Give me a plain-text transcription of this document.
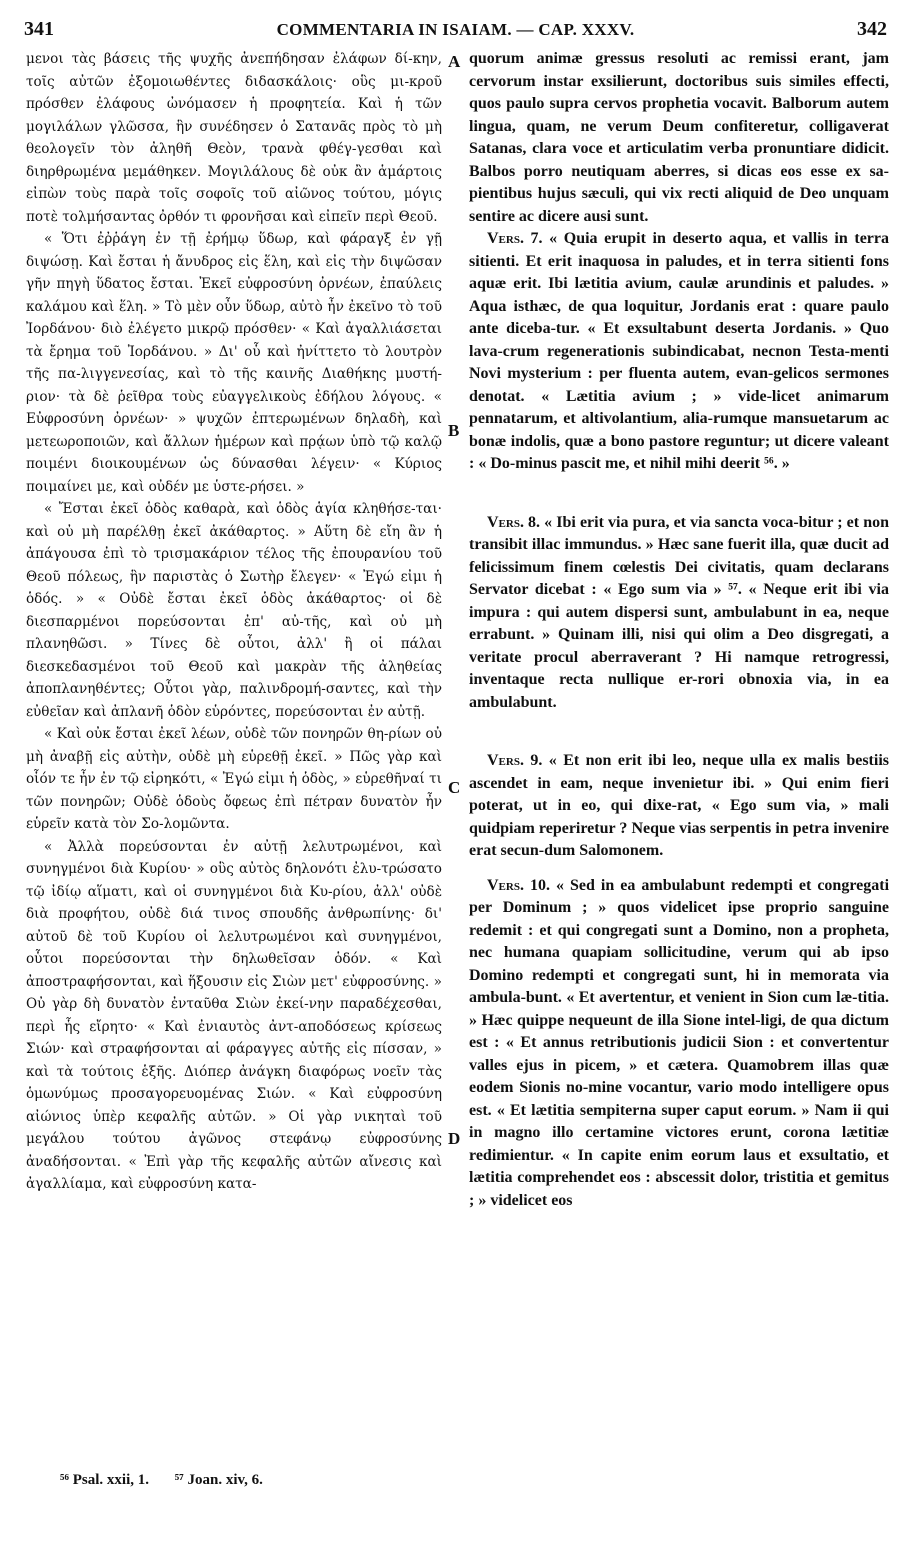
341	COMMENTARIA IN ISAIAM. — CAP. XXXV.	342
A
B
C
D

μενοι τὰς βάσεις τῆς ψυχῆς ἀνεπήδησαν ἐλάφων δί-κην, τοῖς αὐτῶν ἐξομοιωθέντες διδασκάλοις· οὓς μι-κροῦ πρόσθεν ἐλάφους ὠνόμασεν ἡ προφητεία. Καὶ ἡ τῶν μογιλάλων γλῶσσα, ἣν συνέδησεν ὁ Σατανᾶς πρὸς τὸ μὴ θεολογεῖν τὸν ἀληθῆ Θεὸν, τρανὰ φθέγ-γεσθαι καὶ διηρθρωμένα μεμάθηκεν. Μογιλάλους δὲ οὐκ ἂν ἁμάρτοις εἰπὼν τοὺς παρὰ τοῖς σοφοῖς τοῦ αἰῶνος τούτου, μόγις ποτὲ τολμήσαντας ὀρθόν τι φρονῆσαι καὶ εἰπεῖν περὶ Θεοῦ.

« Ὅτι ἐῤῥάγη ἐν τῇ ἐρήμῳ ὕδωρ, καὶ φάραγξ ἐν γῇ διψώσῃ. Καὶ ἔσται ἡ ἄνυδρος εἰς ἕλη, καὶ εἰς τὴν διψῶσαν γῆν πηγὴ ὕδατος ἔσται. Ἐκεῖ εὐφροσύνη ὀρνέων, ἐπαύλεις καλάμου καὶ ἕλη. » Τὸ μὲν οὖν ὕδωρ, αὐτὸ ἦν ἐκεῖνο τὸ τοῦ Ἰορδάνου· διὸ ἐλέγετο μικρῷ πρόσθεν· « Καὶ ἀγαλλιάσεται τὰ ἔρημα τοῦ Ἰορδάνου. » Δι' οὗ καὶ ἠνίττετο τὸ λουτρὸν τῆς πα-λιγγενεσίας, καὶ τὸ τῆς καινῆς Διαθήκης μυστή-ριον· τὰ δὲ ῥεῖθρα τοὺς εὐαγγελικοὺς ἐδήλου λόγους. « Εὐφροσύνη ὀρνέων· » ψυχῶν ἐπτερωμένων δηλαδὴ, καὶ μετεωροποιῶν, καὶ ἄλλων ἡμέρων καὶ πρᾴων ὑπὸ τῷ καλῷ ποιμένι διοικουμένων ὡς δύνασθαι λέγειν· « Κύριος ποιμαίνει με, καὶ οὐδέν με ὑστε-ρήσει. »

« Ἔσται ἐκεῖ ὁδὸς καθαρὰ, καὶ ὁδὸς ἁγία κληθήσε-ται· καὶ οὐ μὴ παρέλθῃ ἐκεῖ ἀκάθαρτος. » Αὕτη δὲ εἴη ἂν ἡ ἀπάγουσα ἐπὶ τὸ τρισμακάριον τέλος τῆς ἐπουρανίου τοῦ Θεοῦ πόλεως, ἣν παριστὰς ὁ Σωτὴρ ἔλεγεν· « Ἐγώ εἰμι ἡ ὁδός. » « Οὐδὲ ἔσται ἐκεῖ ὁδὸς ἀκάθαρτος· οἱ δὲ διεσπαρμένοι πορεύσονται ἐπ' αὐ-τῆς, καὶ οὐ μὴ πλανηθῶσι. » Τίνες δὲ οὗτοι, ἀλλ' ἢ οἱ πάλαι διεσκεδασμένοι τοῦ Θεοῦ καὶ μακρὰν τῆς ἀληθείας ἀποπλανηθέντες; Οὗτοι γὰρ, παλινδρομή-σαντες, καὶ τὴν εὐθεῖαν καὶ ἀπλανῆ ὁδὸν εὑρόντες, πορεύσονται ἐν αὐτῇ.

« Καὶ οὐκ ἔσται ἐκεῖ λέων, οὐδὲ τῶν πονηρῶν θη-ρίων οὐ μὴ ἀναβῇ εἰς αὐτὴν, οὐδὲ μὴ εὑρεθῇ ἐκεῖ. » Πῶς γὰρ καὶ οἷόν τε ἦν ἐν τῷ εἰρηκότι, « Ἐγώ εἰμι ἡ ὁδὸς, » εὑρεθῆναί τι τῶν πονηρῶν; Οὐδὲ ὁδοὺς ὄφεως ἐπὶ πέτραν δυνατὸν ἦν εὑρεῖν κατὰ τὸν Σο-λομῶντα.

« Ἀλλὰ πορεύσονται ἐν αὐτῇ λελυτρωμένοι, καὶ συνηγμένοι διὰ Κυρίου· » οὓς αὐτὸς δηλονότι ἐλυ-τρώσατο τῷ ἰδίῳ αἵματι, καὶ οἱ συνηγμένοι διὰ Κυ-ρίου, ἀλλ' οὐδὲ διὰ προφήτου, οὐδὲ διά τινος σπουδῆς ἀνθρωπίνης· δι' αὐτοῦ δὲ τοῦ Κυρίου οἱ λελυτρωμένοι καὶ συνηγμένοι, οὗτοι πορεύσονται τὴν δηλωθεῖσαν ὁδόν. « Καὶ ἀποστραφήσονται, καὶ ἥξουσιν εἰς Σιὼν μετ' εὐφροσύνης. » Οὐ γὰρ δὴ δυνατὸν ἐνταῦθα Σιὼν ἐκεί-νην παραδέχεσθαι, περὶ ἧς εἴρητο· « Καὶ ἐνιαυτὸς ἀντ-αποδόσεως κρίσεως Σιών· καὶ στραφήσονται αἱ φάραγγες αὐτῆς εἰς πίσσαν, » καὶ τὰ τούτοις ἑξῆς. Διόπερ ἀνάγκη διαφόρως νοεῖν τὰς ὁμωνύμως προσαγορευομένας Σιών. « Καὶ εὐφροσύνη αἰώνιος ὑπὲρ κεφαλῆς αὐτῶν. » Οἱ γὰρ νικηταὶ τοῦ μεγάλου τούτου ἀγῶνος στεφάνῳ εὐφροσύνης ἀναδήσονται. « Ἐπὶ γὰρ τῆς κεφαλῆς αὐτῶν αἴνεσις καὶ ἀγαλλίαμα, καὶ εὐφροσύνη κατα-

quorum animæ gressus resoluti ac remissi erant, jam cervorum instar exsilierunt, doctoribus suis similes effecti, quos paulo supra cervos prophetia vocavit. Balborum autem lingua, quam, ne verum Deum confiteretur, colligaverat Satanas, clara voce et articulatim verba pronuntiare didicit. Balbos porro neutiquam aberres, si dicas eos esse ex sa-pientibus hujus sæculi, qui vix recti aliquid de Deo unquam sentire ac dicere ausi sunt.

Vers. 7. « Quia erupit in deserto aqua, et vallis in terra sitienti. Et erit inaquosa in paludes, et in terra sitienti fons aquæ erit. Ibi lætitia avium, caulæ arundinis et paludes. » Aqua isthæc, de qua loquitur, Jordanis erat : quare paulo ante diceba-tur. « Et exsultabunt deserta Jordanis. » Quo lava-crum regenerationis subindicabat, necnon Testa-menti Novi mysterium : per fluenta autem, evan-gelicos sermones denotat. « Lætitia avium ; » vide-licet animarum pennatarum, et altivolantium, alia-rumque mansuetarum ac bonæ indolis, quæ a bono pastore reguntur; ut dicere valeant : « Do-minus pascit me, et nihil mihi deerit ⁵⁶. »

Vers. 8. « Ibi erit via pura, et via sancta voca-bitur ; et non transibit illac immundus. » Hæc sane fuerit illa, quæ ducit ad felicissimum finem cœlestis Dei civitatis, quam declarans Servator dicebat : « Ego sum via » ⁵⁷. « Neque erit ibi via impura : qui autem dispersi sunt, ambulabunt in ea, neque errabunt. » Quinam illi, nisi qui olim a Deo disgregati, a veritate procul aberraverant ? Hi namque retrogressi, inventaque recta nullique er-rori obnoxia via, in ea ambulabunt.

Vers. 9. « Et non erit ibi leo, neque ulla ex malis bestiis ascendet in eam, neque invenietur ibi. » Qui enim fieri poterat, ut in eo, qui dixe-rat, « Ego sum via, » mali quidpiam reperiretur ? Neque vias serpentis in petra invenire erat secun-dum Salomonem.

Vers. 10. « Sed in ea ambulabunt redempti et congregati per Dominum ; » quos videlicet ipse proprio sanguine redemit : et qui congregati sunt a Domino, non a propheta, nec humana quapiam sollicitudine, verum qui ab ipso Domino redempti et congregati sunt, hi in memorata via ambula-bunt. « Et avertentur, et venient in Sion cum læ-titia. » Hæc quippe nequeunt de illa Sione intel-ligi, de qua dictum est : « Et annus retributionis judicii Sion : et convertentur valles ejus in picem, » et cætera. Quamobrem illas quæ eodem Sionis no-mine vocantur, vario modo intelligere opus est. « Et lætitia sempiterna super caput eorum. » Nam ii qui in magno illo certamine victores erunt, corona lætitiæ redimientur. « In capite enim eorum laus et exsultatio, et lætitia comprehendet eos : abscessit dolor, tristitia et gemitus ; » videlicet eos

⁵⁶ Psal. xxii, 1. ⁵⁷ Joan. xiv, 6.
